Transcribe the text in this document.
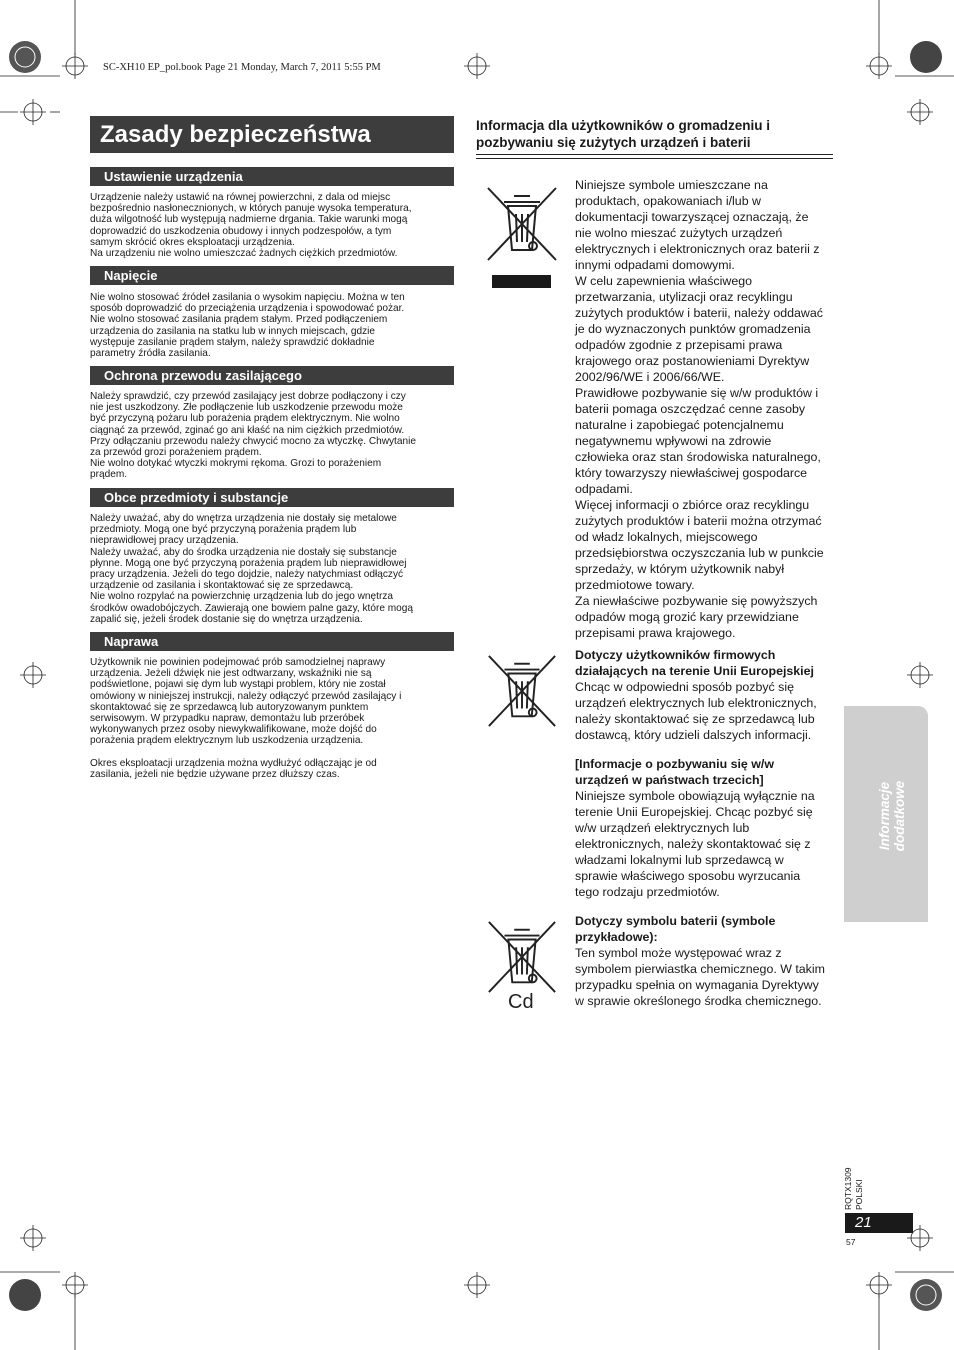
SC-XH10 EP_pol.book Page 21 Monday, March 7, 2011 5:55 PM
Zasady bezpieczeństwa
Ustawienie urządzenia
Urządzenie należy ustawić na równej powierzchni, z dala od miejsc
bezpośrednio nasłonecznionych, w których panuje wysoka temperatura,
duża wilgotność lub występują nadmierne drgania. Takie warunki mogą
doprowadzić do uszkodzenia obudowy i innych podzespołów, a tym
samym skrócić okres eksploatacji urządzenia.
Na urządzeniu nie wolno umieszczać żadnych ciężkich przedmiotów.
Napięcie
Nie wolno stosować źródeł zasilania o wysokim napięciu. Można w ten
sposób doprowadzić do przeciążenia urządzenia i spowodować pożar.
Nie wolno stosować zasilania prądem stałym. Przed podłączeniem
urządzenia do zasilania na statku lub w innych miejscach, gdzie
występuje zasilanie prądem stałym, należy sprawdzić dokładnie
parametry źródła zasilania.
Ochrona przewodu zasilającego
Należy sprawdzić, czy przewód zasilający jest dobrze podłączony i czy
nie jest uszkodzony. Złe podłączenie lub uszkodzenie przewodu może
być przyczyną pożaru lub porażenia prądem elektrycznym. Nie wolno
ciągnąć za przewód, zginać go ani kłaść na nim ciężkich przedmiotów.
Przy odłączaniu przewodu należy chwycić mocno za wtyczkę. Chwytanie
za przewód grozi porażeniem prądem.
Nie wolno dotykać wtyczki mokrymi rękoma. Grozi to porażeniem
prądem.
Obce przedmioty i substancje
Należy uważać, aby do wnętrza urządzenia nie dostały się metalowe
przedmioty. Mogą one być przyczyną porażenia prądem lub
nieprawidłowej pracy urządzenia.
Należy uważać, aby do środka urządzenia nie dostały się substancje
płynne. Mogą one być przyczyną porażenia prądem lub nieprawidłowej
pracy urządzenia. Jeżeli do tego dojdzie, należy natychmiast odłączyć
urządzenie od zasilania i skontaktować się ze sprzedawcą.
Nie wolno rozpylać na powierzchnię urządzenia lub do jego wnętrza
środków owadobójczych. Zawierają one bowiem palne gazy, które mogą
zapalić się, jeżeli środek dostanie się do wnętrza urządzenia.
Naprawa
Użytkownik nie powinien podejmować prób samodzielnej naprawy
urządzenia. Jeżeli dźwięk nie jest odtwarzany, wskaźniki nie są
podświetlone, pojawi się dym lub wystąpi problem, który nie został
omówiony w niniejszej instrukcji, należy odłączyć przewód zasilający i
skontaktować się ze sprzedawcą lub autoryzowanym punktem
serwisowym. W przypadku napraw, demontażu lub przeróbek
wykonywanych przez osoby niewykwalifikowane, może dojść do
porażenia prądem elektrycznym lub uszkodzenia urządzenia.

Okres eksploatacji urządzenia można wydłużyć odłączając je od
zasilania, jeżeli nie będzie używane przez dłuższy czas.
Informacja dla użytkowników o gromadzeniu i
pozbywaniu się zużytych urządzeń i baterii
Niniejsze symbole umieszczane na
produktach, opakowaniach i/lub w
dokumentacji towarzyszącej oznaczają, że
nie wolno mieszać zużytych urządzeń
elektrycznych i elektronicznych oraz baterii z
innymi odpadami domowymi.
W celu zapewnienia właściwego
przetwarzania, utylizacji oraz recyklingu
zużytych produktów i baterii, należy oddawać
je do wyznaczonych punktów gromadzenia
odpadów zgodnie z przepisami prawa
krajowego oraz postanowieniami Dyrektyw
2002/96/WE i 2006/66/WE.
Prawidłowe pozbywanie się w/w produktów i
baterii pomaga oszczędzać cenne zasoby
naturalne i zapobiegać potencjalnemu
negatywnemu wpływowi na zdrowie
człowieka oraz stan środowiska naturalnego,
który towarzyszy niewłaściwej gospodarce
odpadami.
Więcej informacji o zbiórce oraz recyklingu
zużytych produktów i baterii można otrzymać
od władz lokalnych, miejscowego
przedsiębiorstwa oczyszczania lub w punkcie
sprzedaży, w którym użytkownik nabył
przedmiotowe towary.
Za niewłaściwe pozbywanie się powyższych
odpadów mogą grozić kary przewidziane
przepisami prawa krajowego.
Dotyczy użytkowników firmowych
działających na terenie Unii Europejskiej
Chcąc w odpowiedni sposób pozbyć się
urządzeń elektrycznych lub elektronicznych,
należy skontaktować się ze sprzedawcą lub
dostawcą, który udzieli dalszych informacji.
[Informacje o pozbywaniu się w/w
urządzeń w państwach trzecich]
Niniejsze symbole obowiązują wyłącznie na
terenie Unii Europejskiej. Chcąc pozbyć się
w/w urządzeń elektrycznych lub
elektronicznych, należy skontaktować się z
władzami lokalnymi lub sprzedawcą w
sprawie właściwego sposobu wyrzucania
tego rodzaju przedmiotów.
Cd
Dotyczy symbolu baterii (symbole
przykładowe):
Ten symbol może występować wraz z
symbolem pierwiastka chemicznego. W takim
przypadku spełnia on wymagania Dyrektywy
w sprawie określonego środka chemicznego.
Informacje
dodatkowe
RQTX1309
POLSKI
21
57
